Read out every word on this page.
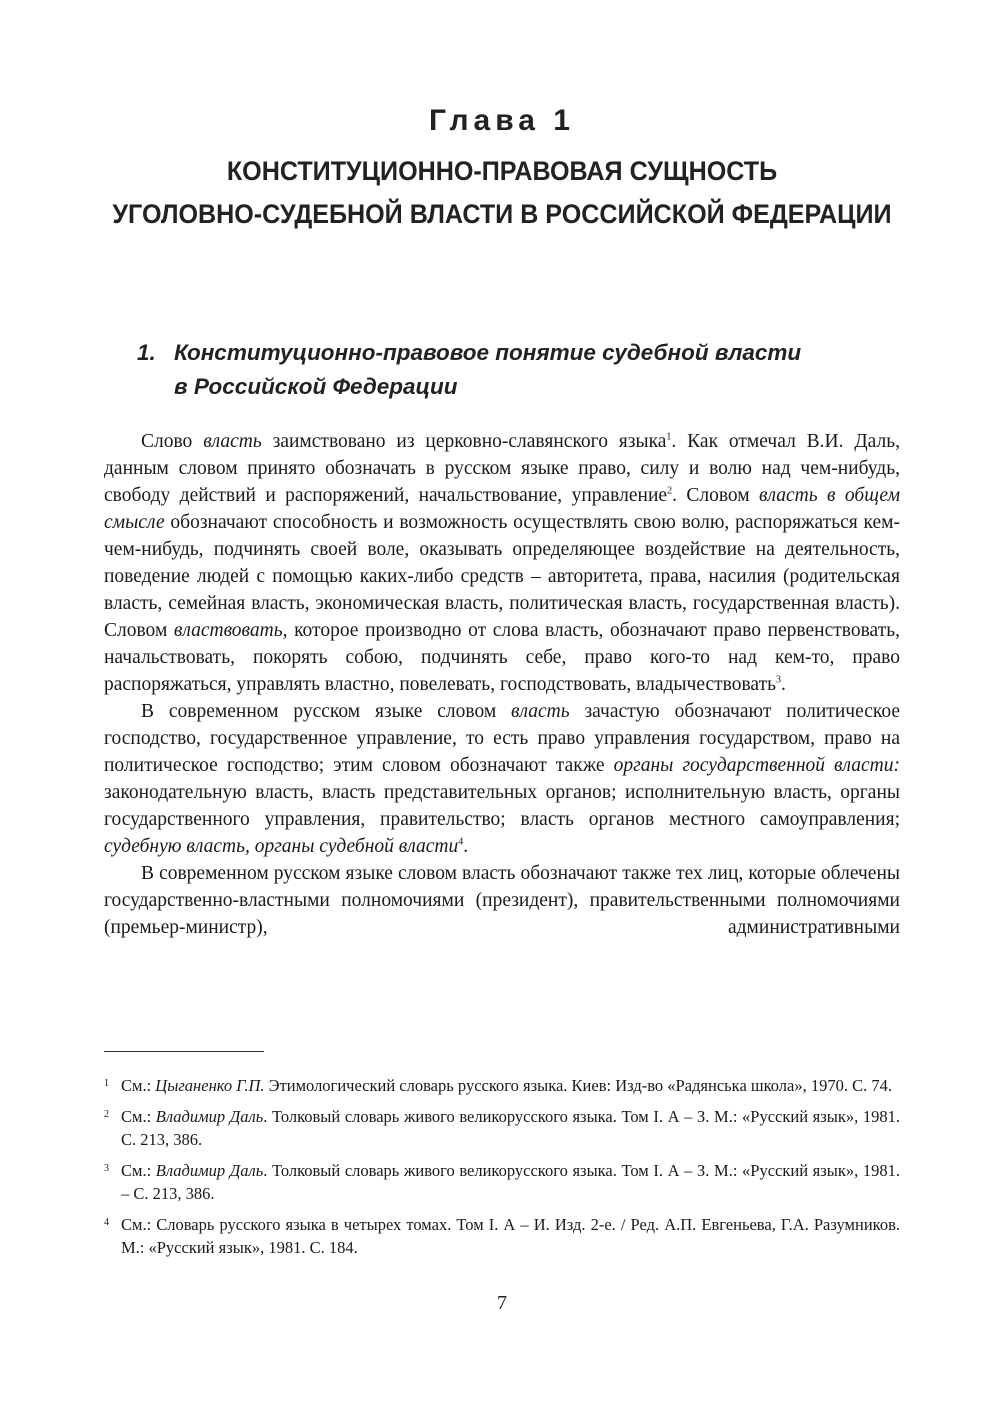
Глава 1
КОНСТИТУЦИОННО-ПРАВОВАЯ СУЩНОСТЬ
УГОЛОВНО-СУДЕБНОЙ ВЛАСТИ В РОССИЙСКОЙ ФЕДЕРАЦИИ
1. Конституционно-правовое понятие судебной власти
в Российской Федерации

Слово власть заимствовано из церковно-славянского языка$^1$. Как отмечал В.И. Даль, данным словом принято обозначать в русском языке право, силу и волю над чем-нибудь, свободу действий и распоряжений, начальствование, управление$^2$. Словом власть в общем смысле обозначают способность и возможность осуществлять свою волю, распоряжаться кем-чем-нибудь, подчинять своей воле, оказывать определяющее воздействие на деятельность, поведение людей с помощью каких-либо средств – авторитета, права, насилия (родительская власть, семейная власть, экономическая власть, политическая власть, государственная власть). Словом властвовать, которое производно от слова власть, обозначают право первенствовать, начальствовать, покорять собою, подчинять себе, право кого-то над кем-то, право распоряжаться, управлять властно, повелевать, господствовать, владычествовать$^3$.

В современном русском языке словом власть зачастую обозначают политическое господство, государственное управление, то есть право управления государством, право на политическое господство; этим словом обозначают также органы государственной власти: законодательную власть, власть представительных органов; исполнительную власть, органы государственного управления, правительство; власть органов местного самоуправления; судебную власть, органы судебной власти$^4$.

В современном русском языке словом власть обозначают также тех лиц, которые облечены государственно-властными полномочиями (президент), правительственными полномочиями (премьер-министр), административными

1 См.: Цыганенко Г.П. Этимологический словарь русского языка. Киев: Изд-во «Радянська школа», 1970. С. 74.
2 См.: Владимир Даль. Толковый словарь живого великорусского языка. Том I. А – З. М.: «Русский язык», 1981. С. 213, 386.
3 См.: Владимир Даль. Толковый словарь живого великорусского языка. Том I. А – З. М.: «Русский язык», 1981. – С. 213, 386.
4 См.: Словарь русского языка в четырех томах. Том I. А – И. Изд. 2-е. / Ред. А.П. Евгеньева, Г.А. Разумников. М.: «Русский язык», 1981. С. 184.
7
